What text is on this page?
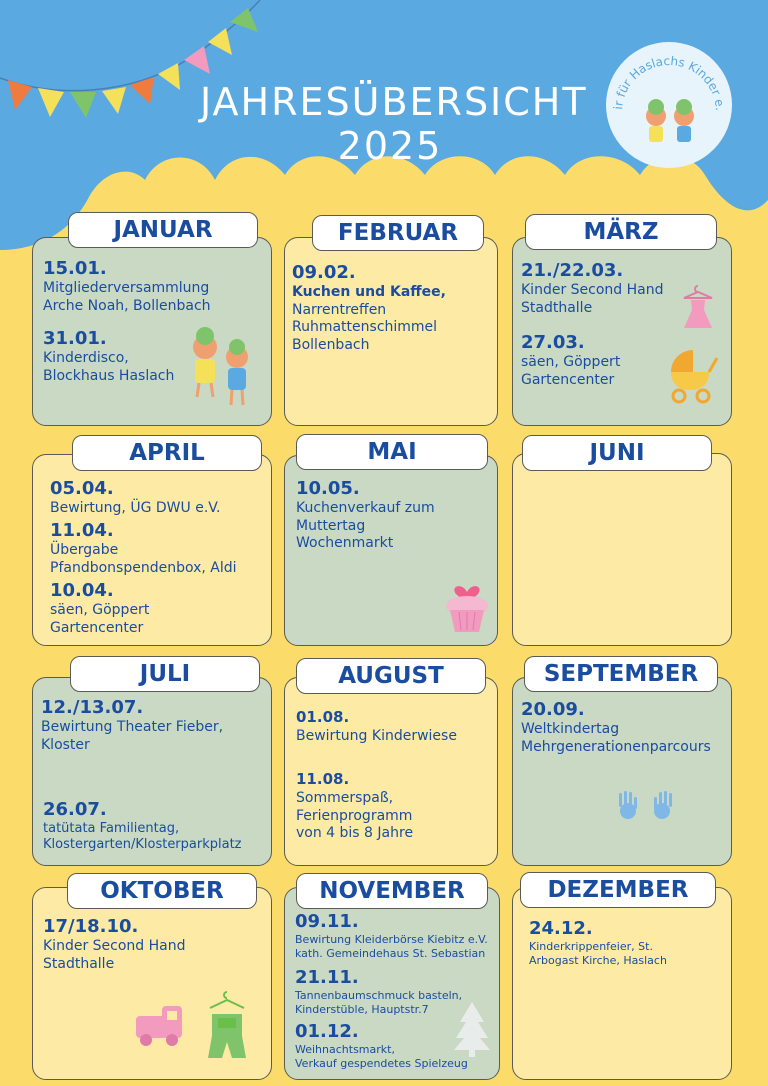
JAHRESÜBERSICHT 2025
ir für Haslachs Kinder e.
JANUAR
15.01.
Mitgliederversammlung
Arche Noah, Bollenbach
31.01.
Kinderdisco,
Blockhaus Haslach
FEBRUAR
09.02.
Kuchen und Kaffee,
Narrentreffen
Ruhmattenschimmel
Bollenbach
MÄRZ
21./22.03.
Kinder Second Hand
Stadthalle
27.03.
säen, Göppert
Gartencenter
APRIL
05.04.
Bewirtung, ÜG DWU e.V.
11.04.
Übergabe
Pfandbonspendenbox, Aldi
10.04.
säen, Göppert
Gartencenter
MAI
10.05.
Kuchenverkauf zum
Muttertag
Wochenmarkt
JUNI
JULI
12./13.07.
Bewirtung Theater Fieber,
Kloster
26.07.
tatütata Familientag,
Klostergarten/Klosterparkplatz
AUGUST
01.08.
Bewirtung Kinderwiese
11.08.
Sommerspaß,
Ferienprogramm
von 4 bis 8 Jahre
SEPTEMBER
20.09.
Weltkindertag
Mehrgenerationenparcours
OKTOBER
17/18.10.
Kinder Second Hand
Stadthalle
NOVEMBER
09.11.
Bewirtung Kleiderbörse Kiebitz e.V.
kath. Gemeindehaus St. Sebastian
21.11.
Tannenbaumschmuck basteln,
Kinderstüble, Hauptstr.7
01.12.
Weihnachtsmarkt,
Verkauf gespendetes Spielzeug
DEZEMBER
24.12.
Kinderkrippenfeier, St.
Arbogast Kirche, Haslach
